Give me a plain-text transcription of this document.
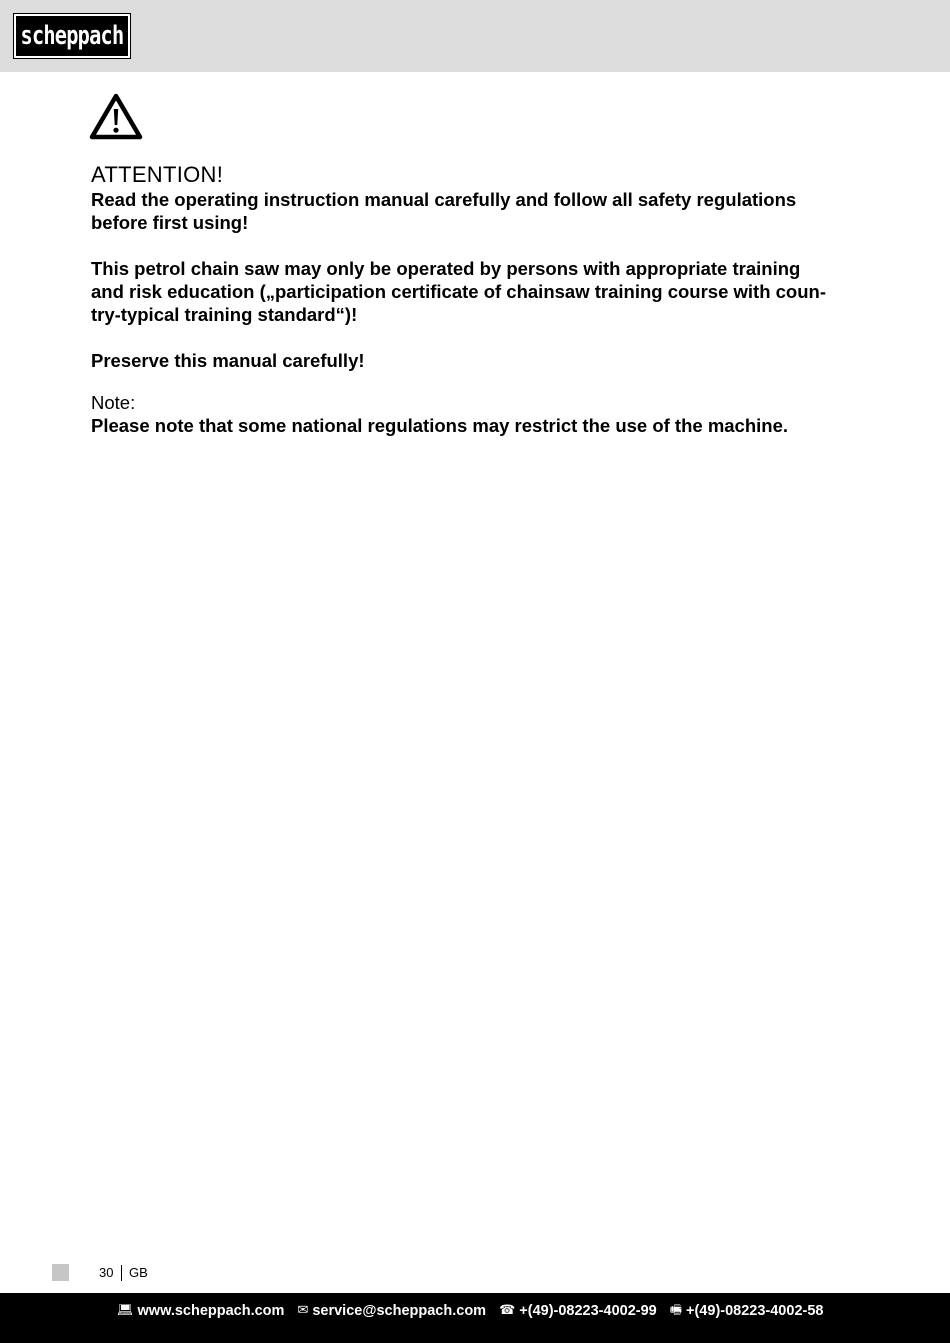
scheppach

ATTENTION!

Read the operating instruction manual carefully and follow all safety regulations
before first using!

This petrol chain saw may only be operated by persons with appropriate training
and risk education („participation certificate of chainsaw training course with coun-
try-typical training standard“)!

Preserve this manual carefully!

Note:

Please note that some national regulations may restrict the use of the machine.

30	GB
💻︎ www.scheppach.com ✉ service@scheppach.com ☎ +(49)-08223-4002-99 🖷 +(49)-08223-4002-58
